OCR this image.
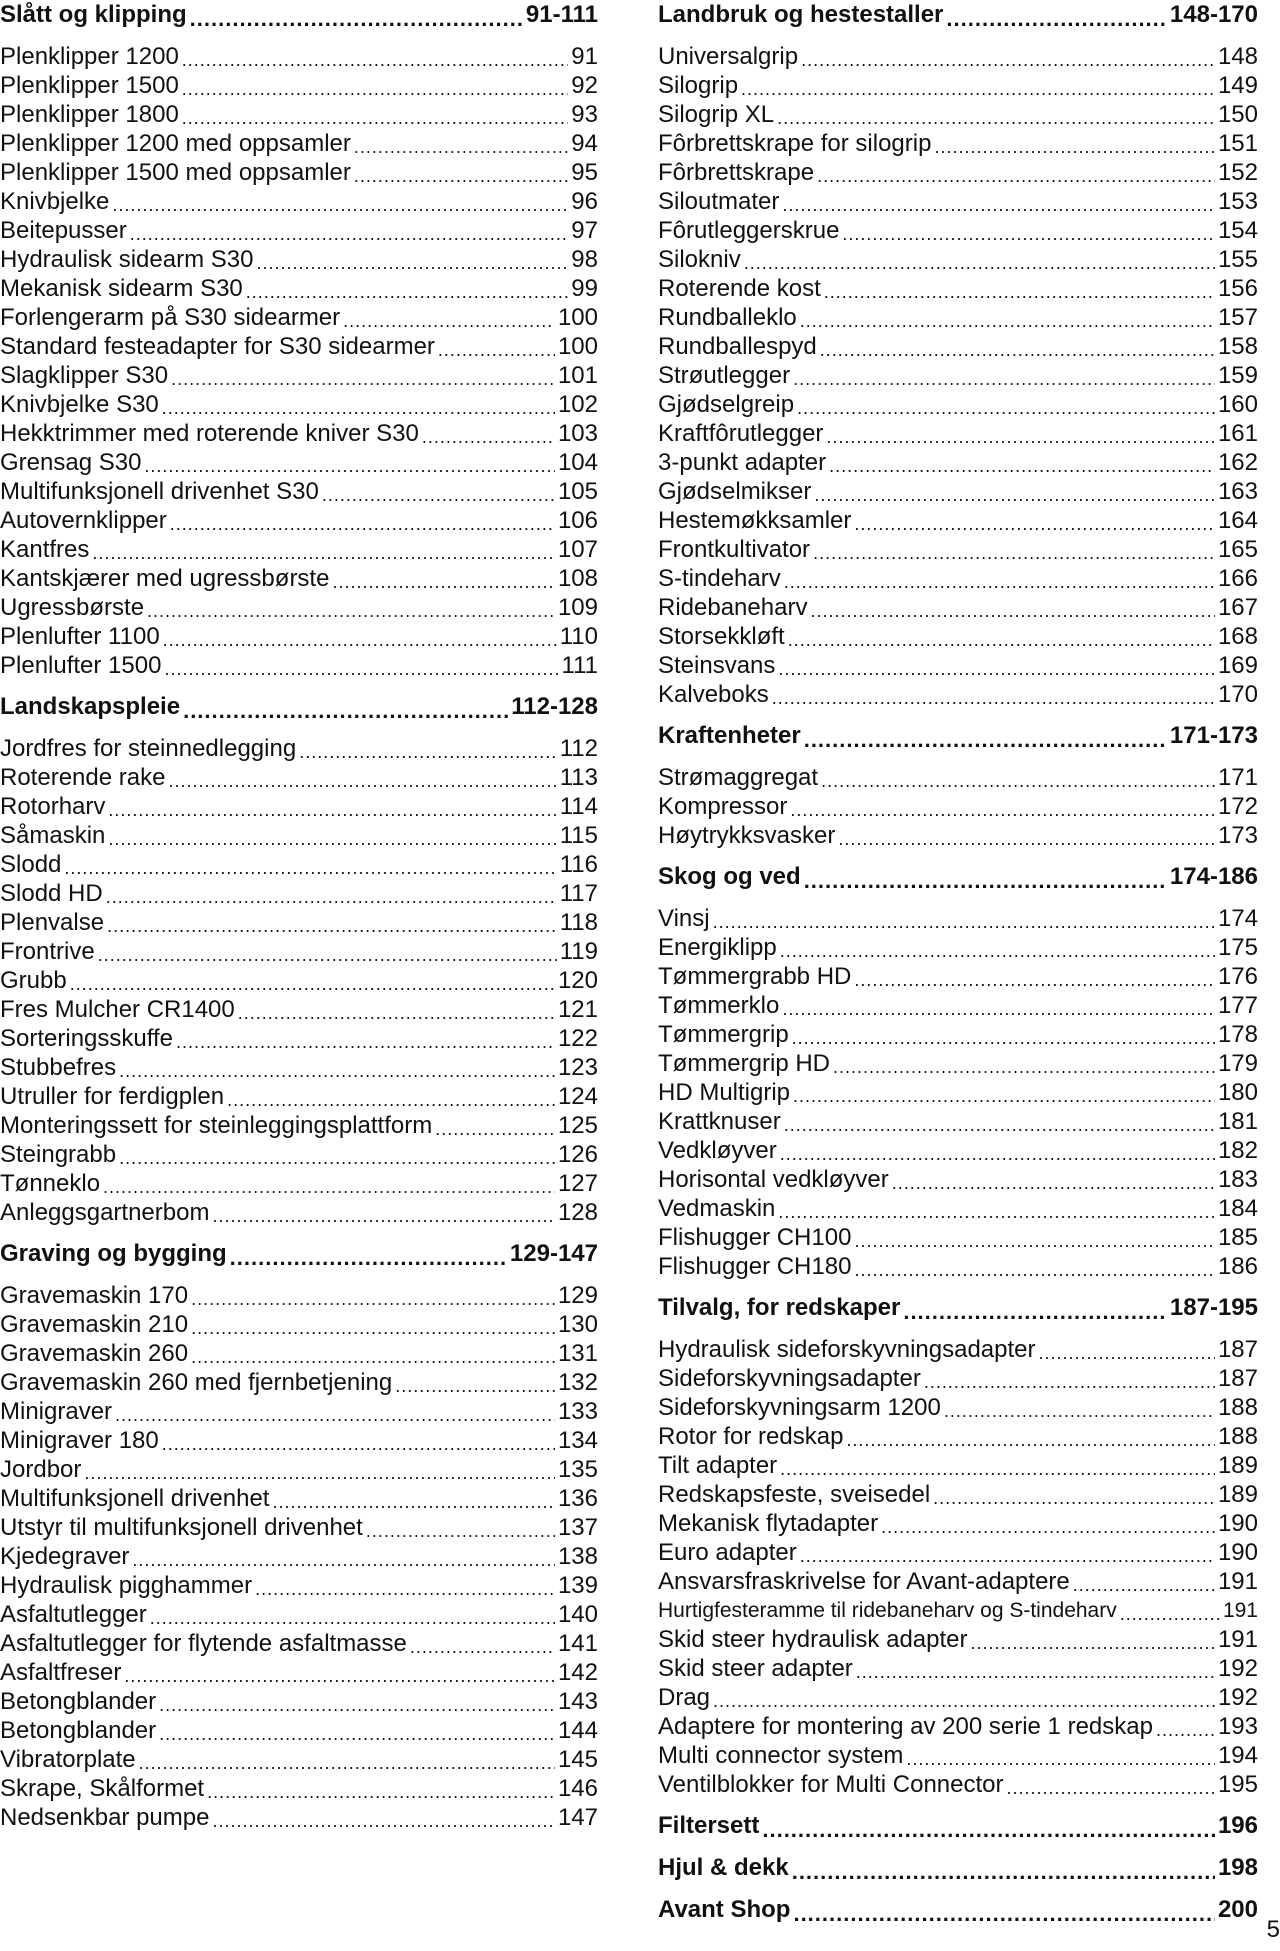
Slått og klipping .....	91-111
Plenklipper 1200 .....	91
Plenklipper 1500 .....	92
Plenklipper 1800 .....	93
Plenklipper 1200 med oppsamler .....	94
Plenklipper 1500 med oppsamler .....	95
Knivbjelke .....	96
Beitepusser .....	97
Hydraulisk sidearm S30 .....	98
Mekanisk sidearm S30 .....	99
Forlengerarm på S30 sidearmer .....	100
Standard festeadapter for S30 sidearmer .....	100
Slagklipper S30 .....	101
Knivbjelke S30 .....	102
Hekktrimmer med roterende kniver S30 .....	103
Grensag S30 .....	104
Multifunksjonell drivenhet S30 .....	105
Autovernklipper .....	106
Kantfres .....	107
Kantskjærer med ugressbørste .....	108
Ugressbørste .....	109
Plenlufter 1100 .....	110
Plenlufter 1500 .....	111
Landskapspleie .....	112-128
Jordfres for steinnedlegging .....	112
Roterende rake .....	113
Rotorharv .....	114
Såmaskin .....	115
Slodd .....	116
Slodd HD .....	117
Plenvalse .....	118
Frontrive .....	119
Grubb .....	120
Fres Mulcher CR1400 .....	121
Sorteringsskuffe .....	122
Stubbefres .....	123
Utruller for ferdigplen .....	124
Monteringssett for steinleggingsplattform .....	125
Steingrabb .....	126
Tønneklo .....	127
Anleggsgartnerbom .....	128
Graving og bygging .....	129-147
Gravemaskin 170 .....	129
Gravemaskin 210 .....	130
Gravemaskin 260 .....	131
Gravemaskin 260 med fjernbetjening .....	132
Minigraver .....	133
Minigraver 180 .....	134
Jordbor .....	135
Multifunksjonell drivenhet .....	136
Utstyr til multifunksjonell drivenhet .....	137
Kjedegraver .....	138
Hydraulisk pigghammer .....	139
Asfaltutlegger .....	140
Asfaltutlegger for flytende asfaltmasse .....	141
Asfaltfreser .....	142
Betongblander .....	143
Betongblander .....	144
Vibratorplate .....	145
Skrape, Skålformet .....	146
Nedsenkbar pumpe .....	147
Landbruk og hestestaller .....	148-170
Universalgrip .....	148
Silogrip .....	149
Silogrip XL .....	150
Fôrbrettskrape for silogrip .....	151
Fôrbrettskrape .....	152
Siloutmater .....	153
Fôrutleggerskrue .....	154
Silokniv .....	155
Roterende kost .....	156
Rundballeklo .....	157
Rundballespyd .....	158
Strøutlegger .....	159
Gjødselgreip .....	160
Kraftfôrutlegger .....	161
3-punkt adapter .....	162
Gjødselmikser .....	163
Hestemøkksamler .....	164
Frontkultivator .....	165
S-tindeharv .....	166
Ridebaneharv .....	167
Storsekkløft .....	168
Steinsvans .....	169
Kalveboks .....	170
Kraftenheter .....	171-173
Strømaggregat .....	171
Kompressor .....	172
Høytrykksvasker .....	173
Skog og ved .....	174-186
Vinsj .....	174
Energiklipp .....	175
Tømmergrabb HD .....	176
Tømmerklo .....	177
Tømmergrip .....	178
Tømmergrip HD .....	179
HD Multigrip .....	180
Krattknuser .....	181
Vedkløyver .....	182
Horisontal vedkløyver .....	183
Vedmaskin .....	184
Flishugger CH100 .....	185
Flishugger CH180 .....	186
Tilvalg, for redskaper .....	187-195
Hydraulisk sideforskyvningsadapter .....	187
Sideforskyvningsadapter .....	187
Sideforskyvningsarm 1200 .....	188
Rotor for redskap .....	188
Tilt adapter .....	189
Redskapsfeste, sveisedel .....	189
Mekanisk flytadapter .....	190
Euro adapter .....	190
Ansvarsfraskrivelse for Avant-adaptere .....	191
Hurtigfesteramme til ridebaneharv og S-tindeharv .....	191
Skid steer hydraulisk adapter .....	191
Skid steer adapter .....	192
Drag .....	192
Adaptere for montering av 200 serie 1 redskap .....	193
Multi connector system .....	194
Ventilblokker for Multi Connector .....	195
Filtersett .....	196
Hjul & dekk .....	198
Avant Shop .....	200
5
